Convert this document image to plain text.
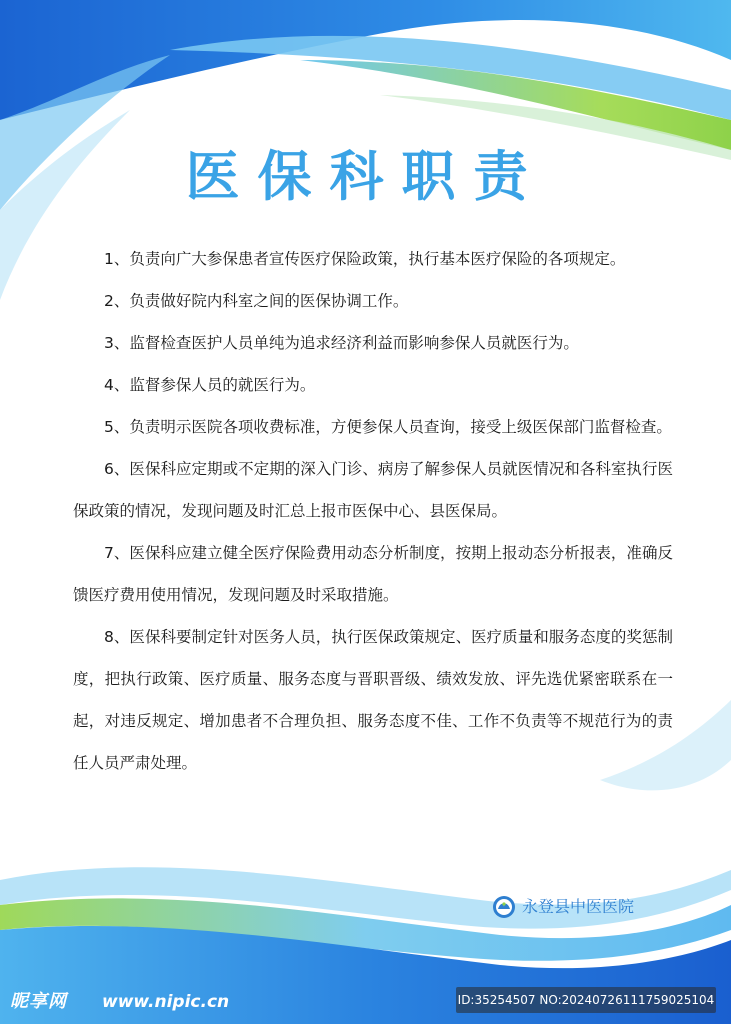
医保科职责

1、负责向广大参保患者宣传医疗保险政策，执行基本医疗保险的各项规定。

2、负责做好院内科室之间的医保协调工作。

3、监督检查医护人员单纯为追求经济利益而影响参保人员就医行为。

4、监督参保人员的就医行为。

5、负责明示医院各项收费标准，方便参保人员查询，接受上级医保部门监督检查。

6、医保科应定期或不定期的深入门诊、病房了解参保人员就医情况和各科室执行医保政策的情况，发现问题及时汇总上报市医保中心、县医保局。

7、医保科应建立健全医疗保险费用动态分析制度，按期上报动态分析报表，准确反馈医疗费用使用情况，发现问题及时采取措施。

8、医保科要制定针对医务人员，执行医保政策规定、医疗质量和服务态度的奖惩制度，把执行政策、医疗质量、服务态度与晋职晋级、绩效发放、评先选优紧密联系在一起，对违反规定、增加患者不合理负担、服务态度不佳、工作不负责等不规范行为的责任人员严肃处理。

永登县中医医院
昵享网 www.nipic.cn	ID:35254507 NO:20240726111759025104
